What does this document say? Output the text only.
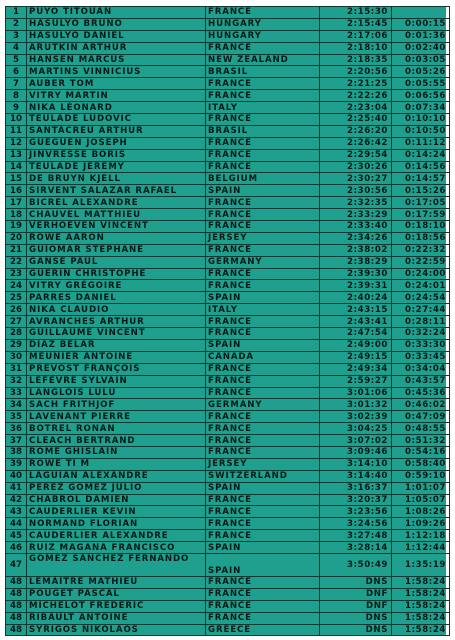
1	PUYO TITOUAN	FRANCE	2:15:30	
2	HASULYO BRUNO	HUNGARY	2:15:45	0:00:15
3	HASULYO DANIEL	HUNGARY	2:17:06	0:01:36
4	ARUTKIN ARTHUR	FRANCE	2:18:10	0:02:40
5	HANSEN MARCUS	NEW ZEALAND	2:18:35	0:03:05
6	MARTINS VINNICIUS	BRASIL	2:20:56	0:05:26
7	AUBER TOM	FRANCE	2:21:25	0:05:55
8	VITRY MARTIN	FRANCE	2:22:26	0:06:56
9	NIKA LÉONARD	ITALY	2:23:04	0:07:34
10	TEULADE LUDOVIC	FRANCE	2:25:40	0:10:10
11	SANTACREU ARTHUR	BRASIL	2:26:20	0:10:50
12	GUEGUEN JOSEPH	FRANCE	2:26:42	0:11:12
13	JINVRESSE BORIS	FRANCE	2:29:54	0:14:24
14	TEULADE JEREMY	FRANCE	2:30:26	0:14:56
15	DE BRUYN KJELL	BELGIUM	2:30:27	0:14:57
16	SIRVENT SALAZAR RAFAEL	SPAIN	2:30:56	0:15:26
17	BICREL ALEXANDRE	FRANCE	2:32:35	0:17:05
18	CHAUVEL MATTHIEU	FRANCE	2:33:29	0:17:59
19	VERHOEVEN VINCENT	FRANCE	2:33:40	0:18:10
20	ROWE AARON	JERSEY	2:34:26	0:18:56
21	GUIOMAR STÉPHANE	FRANCE	2:38:02	0:22:32
22	GANSE PAUL	GERMANY	2:38:29	0:22:59
23	GUERIN CHRISTOPHE	FRANCE	2:39:30	0:24:00
24	VITRY GRÉGOIRE	FRANCE	2:39:31	0:24:01
25	PARRES DANIEL	SPAIN	2:40:24	0:24:54
26	NIKA CLAUDIO	ITALY	2:43:15	0:27:44
27	AVRANCHES ARTHUR	FRANCE	2:43:41	0:28:11
28	GUILLAUME VINCENT	FRANCE	2:47:54	0:32:24
29	DIAZ BELAR	SPAIN	2:49:00	0:33:30
30	MEUNIER ANTOINE	CANADA	2:49:15	0:33:45
31	PREVOST FRANÇOIS	FRANCE	2:49:34	0:34:04
32	LEFEVRE SYLVAIN	FRANCE	2:59:27	0:43:57
33	LANGLOIS LULU	FRANCE	3:01:06	0:45:36
34	SACH FRITHJOF	GERMANY	3:01:32	0:46:02
35	LAVENANT PIERRE	FRANCE	3:02:39	0:47:09
36	BOTREL RONAN	FRANCE	3:04:25	0:48:55
37	CLEACH BERTRAND	FRANCE	3:07:02	0:51:32
38	ROME GHISLAIN	FRANCE	3:09:46	0:54:16
39	ROWE TI M	JERSEY	3:14:10	0:58:40
40	LAGUIAN ALEXANDRE	SWITZERLAND	3:14:40	0:59:10
41	PEREZ GOMEZ JULIO	SPAIN	3:16:37	1:01:07
42	CHABROL DAMIEN	FRANCE	3:20:37	1:05:07
43	CAUDERLIER KEVIN	FRANCE	3:23:56	1:08:26
44	NORMAND FLORIAN	FRANCE	3:24:56	1:09:26
45	CAUDERLIER ALEXANDRE	FRANCE	3:27:48	1:12:18
46	RUIZ MAGANA FRANCISCO	SPAIN	3:28:14	1:12:44
47	GOMEZ SANCHEZ FERNANDO	SPAIN	3:50:49	1:35:19
48	LEMAITRE MATHIEU	FRANCE	DNS	1:58:24
48	POUGET PASCAL	FRANCE	DNF	1:58:24
48	MICHELOT FRÉDÉRIC	FRANCE	DNF	1:58:24
48	RIBAULT ANTOINE	FRANCE	DNS	1:58:24
48	SYRIGOS NIKOLAOS	GREECE	DNS	1:58:24
